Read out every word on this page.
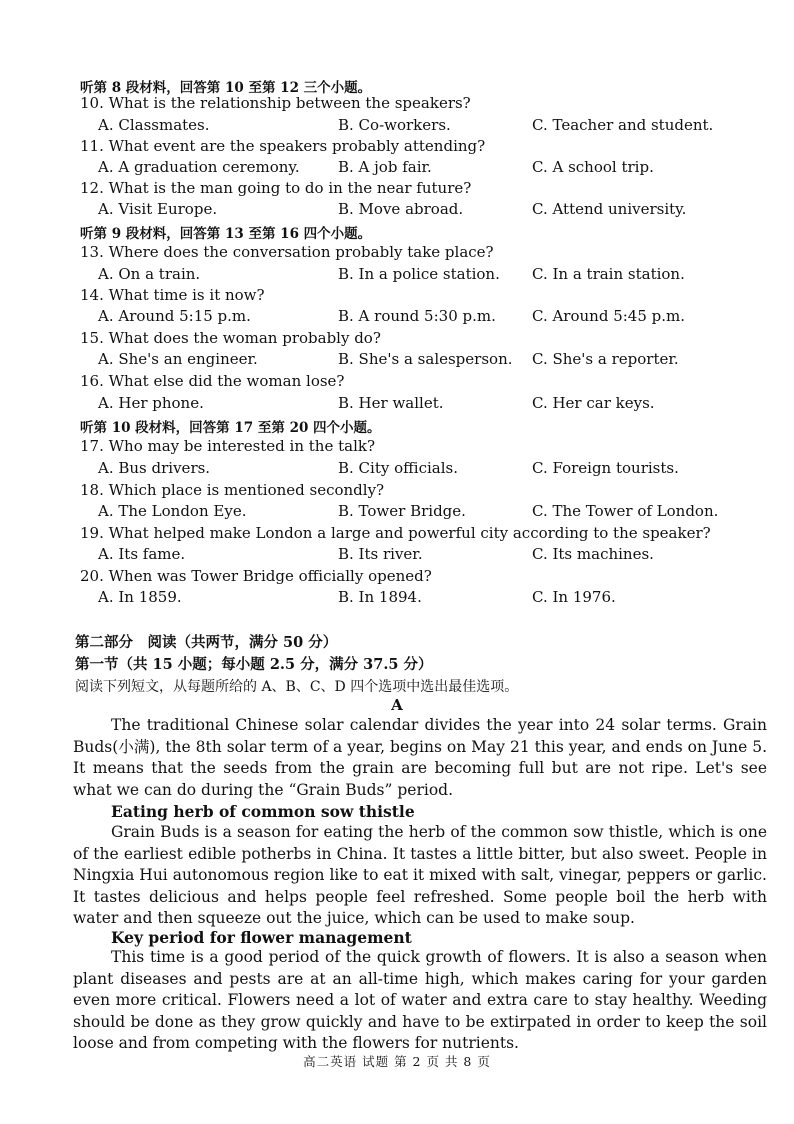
听第 8 段材料，回答第 10 至第 12 三个小题。
10. What is the relationship between the speakers?
A. Classmates.	B. Co-workers.	C. Teacher and student.
11. What event are the speakers probably attending?
A. A graduation ceremony.	B. A job fair.	C. A school trip.
12. What is the man going to do in the near future?
A. Visit Europe.	B. Move abroad.	C. Attend university.
听第 9 段材料，回答第 13 至第 16 四个小题。
13. Where does the conversation probably take place?
A. On a train.	B. In a police station. C. In a train station.
14. What time is it now?
A. Around 5:15 p.m.	B. A round 5:30 p.m. C. Around 5:45 p.m.
15. What does the woman probably do?
A. She's an engineer.	B. She's a salesperson. C. She's a reporter.
16. What else did the woman lose?
A. Her phone.	B. Her wallet.	C. Her car keys.
听第 10 段材料，回答第 17 至第 20 四个小题。
17. Who may be interested in the talk?
A. Bus drivers.	B. City officials.	C. Foreign tourists.
18. Which place is mentioned secondly?
A. The London Eye.	B. Tower Bridge.	C. The Tower of London.
19. What helped make London a large and powerful city according to the speaker?
A. Its fame.	B. Its river.	C. Its machines.
20. When was Tower Bridge officially opened?
A. In 1859.	B. In 1894.	C. In 1976.
第二部分　阅读（共两节，满分 50 分）
第一节（共 15 小题；每小题 2.5 分，满分 37.5 分）
阅读下列短文，从每题所给的 A、B、C、D 四个选项中选出最佳选项。
A
The traditional Chinese solar calendar divides the year into 24 solar terms. Grain Buds(小满), the 8th solar term of a year, begins on May 21 this year, and ends on June 5. It means that the seeds from the grain are becoming full but are not ripe. Let's see what we can do during the “Grain Buds” period.
Eating herb of common sow thistle
Grain Buds is a season for eating the herb of the common sow thistle, which is one of the earliest edible potherbs in China. It tastes a little bitter, but also sweet. People in Ningxia Hui autonomous region like to eat it mixed with salt, vinegar, peppers or garlic. It tastes delicious and helps people feel refreshed. Some people boil the herb with water and then squeeze out the juice, which can be used to make soup.
Key period for flower management
This time is a good period of the quick growth of flowers. It is also a season when plant diseases and pests are at an all-time high, which makes caring for your garden even more critical. Flowers need a lot of water and extra care to stay healthy. Weeding should be done as they grow quickly and have to be extirpated in order to keep the soil loose and from competing with the flowers for nutrients.
高二英语 试题 第 2 页 共 8 页
